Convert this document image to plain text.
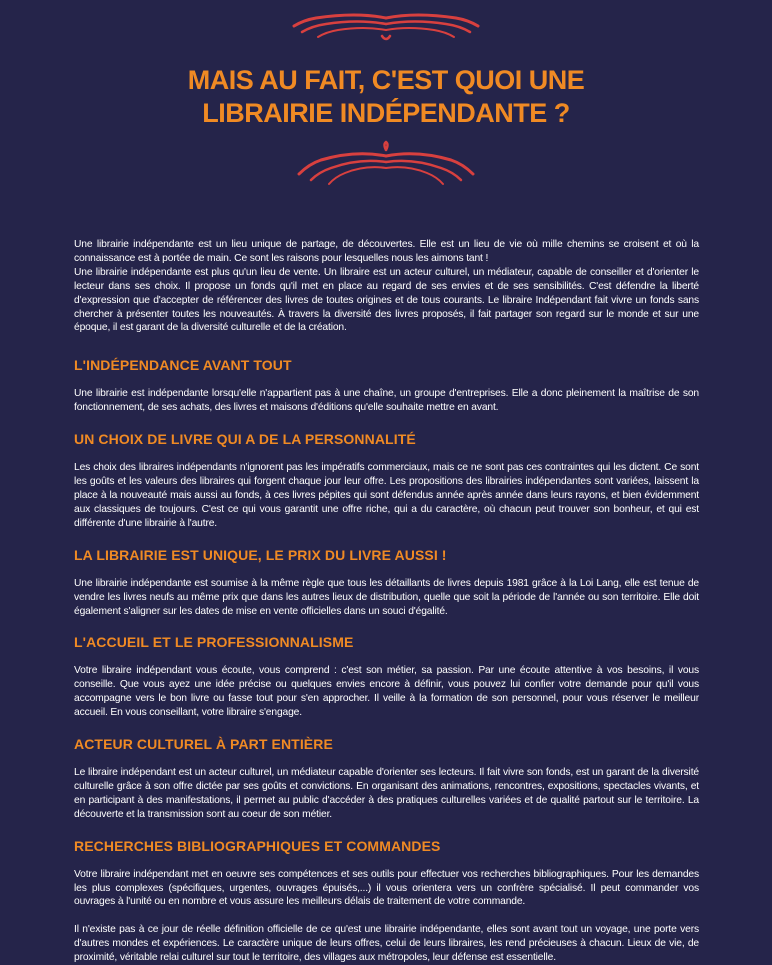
MAIS AU FAIT, C'EST QUOI UNE
LIBRAIRIE INDÉPENDANTE ?

Une librairie indépendante est un lieu unique de partage, de découvertes. Elle est un lieu de vie où mille chemins se croisent et où la connaissance est à portée de main. Ce sont les raisons pour lesquelles nous les aimons tant !

Une librairie indépendante est plus qu'un lieu de vente. Un libraire est un acteur culturel, un médiateur, capable de conseiller et d'orienter le lecteur dans ses choix. Il propose un fonds qu'il met en place au regard de ses envies et de ses sensibilités. C'est défendre la liberté d'expression que d'accepter de référencer des livres de toutes origines et de tous courants. Le libraire Indépendant fait vivre un fonds sans chercher à présenter toutes les nouveautés. À travers la diversité des livres proposés, il fait partager son regard sur le monde et sur une époque, il est garant de la diversité culturelle et de la création.

L'INDÉPENDANCE AVANT TOUT

Une librairie est indépendante lorsqu'elle n'appartient pas à une chaîne, un groupe d'entreprises. Elle a donc pleinement la maîtrise de son fonctionnement, de ses achats, des livres et maisons d'éditions qu'elle souhaite mettre en avant.

UN CHOIX DE LIVRE QUI A DE LA PERSONNALITÉ

Les choix des libraires indépendants n'ignorent pas les impératifs commerciaux, mais ce ne sont pas ces contraintes qui les dictent. Ce sont les goûts et les valeurs des libraires qui forgent chaque jour leur offre. Les propositions des librairies indépendantes sont variées, laissent la place à la nouveauté mais aussi au fonds, à ces livres pépites qui sont défendus année après année dans leurs rayons, et bien évidemment aux classiques de toujours. C'est ce qui vous garantit une offre riche, qui a du caractère, où chacun peut trouver son bonheur, et qui est différente d'une librairie à l'autre.

LA LIBRAIRIE EST UNIQUE, LE PRIX DU LIVRE AUSSI !

Une librairie indépendante est soumise à la même règle que tous les détaillants de livres depuis 1981 grâce à la Loi Lang, elle est tenue de vendre les livres neufs au même prix que dans les autres lieux de distribution, quelle que soit la période de l'année ou son territoire. Elle doit également s'aligner sur les dates de mise en vente officielles dans un souci d'égalité.

L'ACCUEIL ET LE PROFESSIONNALISME

Votre libraire indépendant vous écoute, vous comprend : c'est son métier, sa passion. Par une écoute attentive à vos besoins, il vous conseille. Que vous ayez une idée précise ou quelques envies encore à définir, vous pouvez lui confier votre demande pour qu'il vous accompagne vers le bon livre ou fasse tout pour s'en approcher. Il veille à la formation de son personnel, pour vous réserver le meilleur accueil. En vous conseillant, votre libraire s'engage.

ACTEUR CULTUREL À PART ENTIÈRE

Le libraire indépendant est un acteur culturel, un médiateur capable d'orienter ses lecteurs. Il fait vivre son fonds, est un garant de la diversité culturelle grâce à son offre dictée par ses goûts et convictions. En organisant des animations, rencontres, expositions, spectacles vivants, et en participant à des manifestations, il permet au public d'accéder à des pratiques culturelles variées et de qualité partout sur le territoire. La découverte et la transmission sont au coeur de son métier.

RECHERCHES BIBLIOGRAPHIQUES ET COMMANDES

Votre libraire indépendant met en oeuvre ses compétences et ses outils pour effectuer vos recherches bibliographiques. Pour les demandes les plus complexes (spécifiques, urgentes, ouvrages épuisés,...) il vous orientera vers un confrère spécialisé. Il peut commander vos ouvrages à l'unité ou en nombre et vous assure les meilleurs délais de traitement de votre commande.

Il n'existe pas à ce jour de réelle définition officielle de ce qu'est une librairie indépendante, elles sont avant tout un voyage, une porte vers d'autres mondes et expériences. Le caractère unique de leurs offres, celui de leurs libraires, les rend précieuses à chacun. Lieux de vie, de proximité, véritable relai culturel sur tout le territoire, des villages aux métropoles, leur défense est essentielle.
